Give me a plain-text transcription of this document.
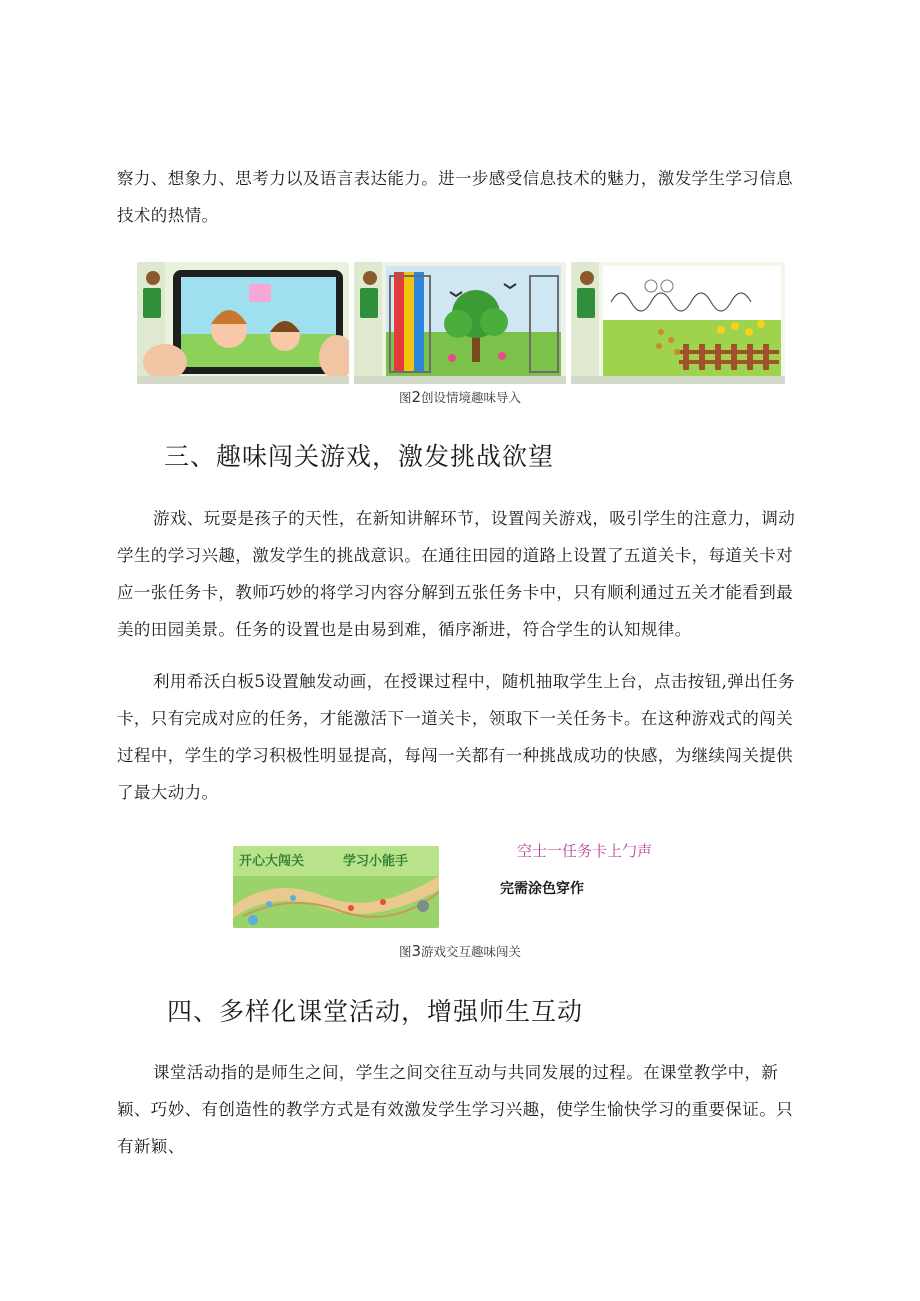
察力、想象力、思考力以及语言表达能力。进一步感受信息技术的魅力，激发学生学习信息技术的热情。

图2创设情境趣味导入
三、趣味闯关游戏，激发挑战欲望

游戏、玩耍是孩子的天性，在新知讲解环节，设置闯关游戏，吸引学生的注意力，调动学生的学习兴趣，激发学生的挑战意识。在通往田园的道路上设置了五道关卡，每道关卡对应一张任务卡，教师巧妙的将学习内容分解到五张任务卡中，只有顺利通过五关才能看到最美的田园美景。任务的设置也是由易到难，循序渐进，符合学生的认知规律。

利用希沃白板5设置触发动画，在授课过程中，随机抽取学生上台，点击按钮,弹出任务卡，只有完成对应的任务，才能激活下一道关卡，领取下一关任务卡。在这种游戏式的闯关过程中，学生的学习积极性明显提高，每闯一关都有一种挑战成功的快感，为继续闯关提供了最大动力。

开心大闯关	学习小能手
空士一任务卡上勹声
完需涂色穿作
图3游戏交互趣味闯关
四、多样化课堂活动，增强师生互动

课堂活动指的是师生之间，学生之间交往互动与共同发展的过程。在课堂教学中，新颖、巧妙、有创造性的教学方式是有效激发学生学习兴趣，使学生愉快学习的重要保证。只有新颖、
